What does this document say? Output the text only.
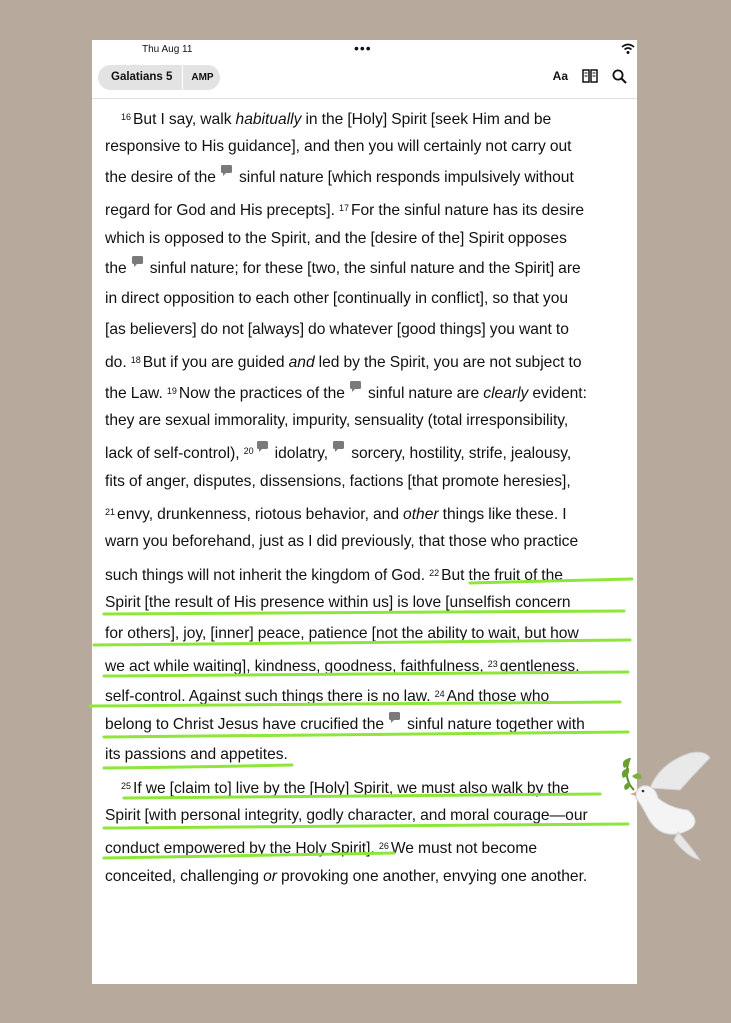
Thu Aug 11	•••
Galatians 5	AMP	Aa
$^{16}$ But I say, walk habitually in the [Holy] Spirit [seek Him and be
responsive to His guidance], and then you will certainly not carry out
the desire of the ··· sinful nature [which responds impulsively without
regard for God and His precepts]. $^{17}$ For the sinful nature has its desire
which is opposed to the Spirit, and the [desire of the] Spirit opposes
the ··· sinful nature; for these [two, the sinful nature and the Spirit] are
in direct opposition to each other [continually in conflict], so that you
[as believers] do not [always] do whatever [good things] you want to
do. $^{18}$ But if you are guided and led by the Spirit, you are not subject to
the Law. $^{19}$ Now the practices of the ··· sinful nature are clearly evident:
they are sexual immorality, impurity, sensuality (total irresponsibility,
lack of self-control), $^{20}$··· idolatry, ··· sorcery, hostility, strife, jealousy,
fits of anger, disputes, dissensions, factions [that promote heresies],
$^{21}$ envy, drunkenness, riotous behavior, and other things like these. I
warn you beforehand, just as I did previously, that those who practice
such things will not inherit the kingdom of God. $^{22}$ But the fruit of the
Spirit [the result of His presence within us] is love [unselfish concern
for others], joy, [inner] peace, patience [not the ability to wait, but how
we act while waiting], kindness, goodness, faithfulness, $^{23}$ gentleness,
self-control. Against such things there is no law. $^{24}$ And those who
belong to Christ Jesus have crucified the ··· sinful nature together with
its passions and appetites.
$^{25}$ If we [claim to] live by the [Holy] Spirit, we must also walk by the
Spirit [with personal integrity, godly character, and moral courage—our
conduct empowered by the Holy Spirit]. $^{26}$ We must not become
conceited, challenging or provoking one another, envying one another.
